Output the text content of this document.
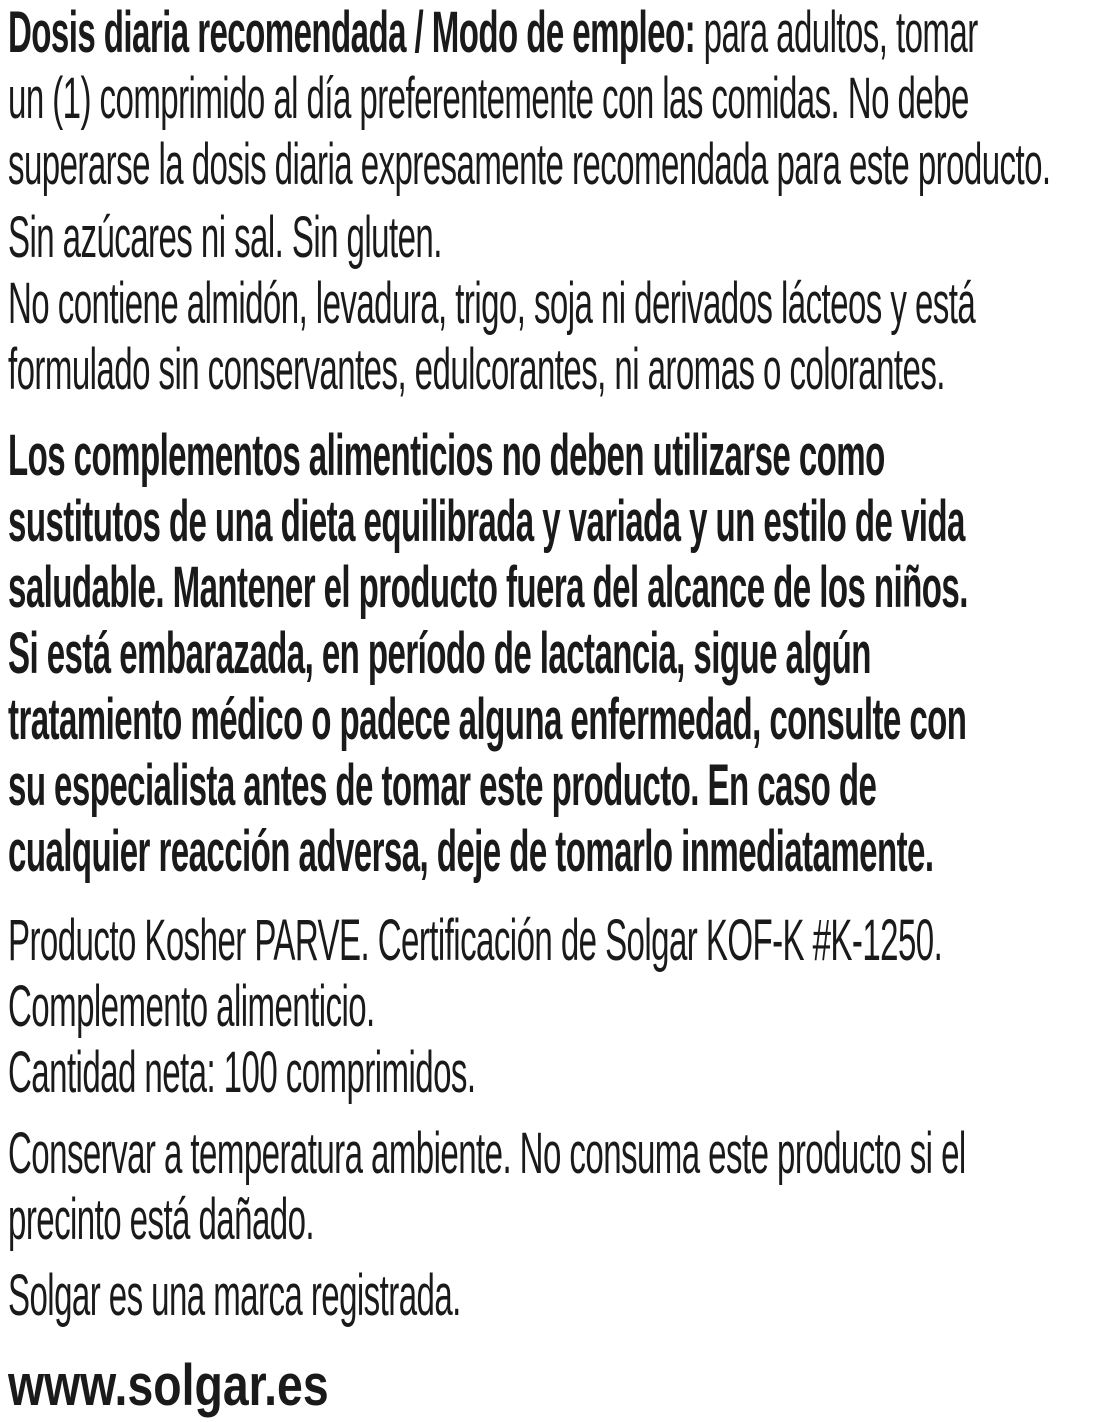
Dosis diaria recomendada / Modo de empleo: para adultos, tomar
un (1) comprimido al día preferentemente con las comidas. No debe
superarse la dosis diaria expresamente recomendada para este producto.
Sin azúcares ni sal. Sin gluten.
No contiene almidón, levadura, trigo, soja ni derivados lácteos y está
formulado sin conservantes, edulcorantes, ni aromas o colorantes.
Los complementos alimenticios no deben utilizarse como
sustitutos de una dieta equilibrada y variada y un estilo de vida
saludable. Mantener el producto fuera del alcance de los niños.
Si está embarazada, en período de lactancia, sigue algún
tratamiento médico o padece alguna enfermedad, consulte con
su especialista antes de tomar este producto. En caso de
cualquier reacción adversa, deje de tomarlo inmediatamente.
Producto Kosher PARVE. Certificación de Solgar KOF-K #K-1250.
Complemento alimenticio.
Cantidad neta: 100 comprimidos.
Conservar a temperatura ambiente. No consuma este producto si el
precinto está dañado.
Solgar es una marca registrada.
www.solgar.es
